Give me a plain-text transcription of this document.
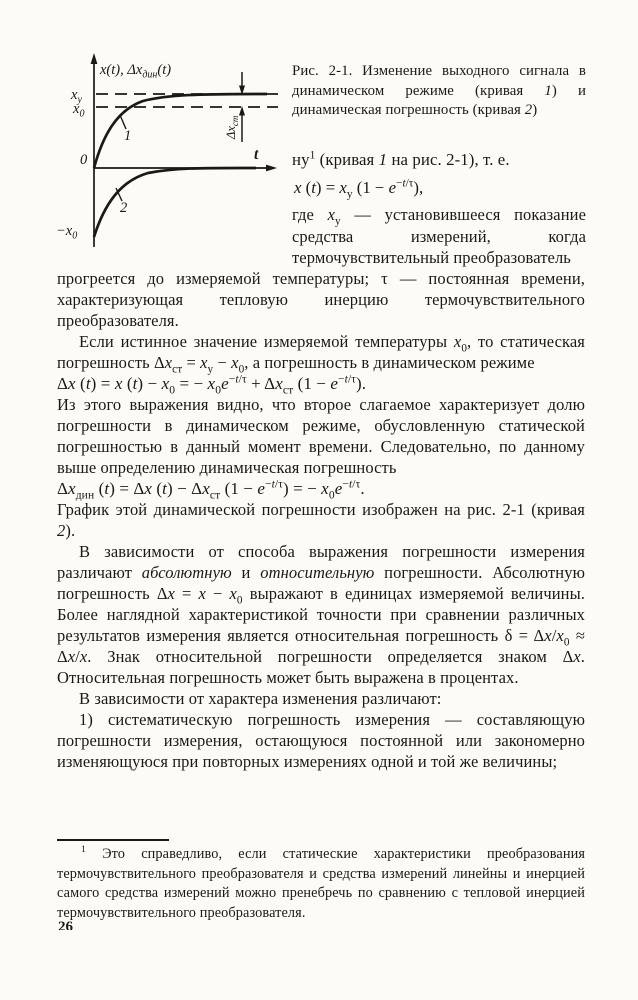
x(t), $\Delta x_{дин}(t)$
$x_у$
$x_0$
0
$-x_0$
t
1
2
$\Delta x_{ст}$
Рис. 2-1. Изменение выходного сигнала в динамическом режиме (кривая 1) и динамическая погрешность (кривая 2)
$ну^1$ (кривая 1 на рис. 2-1), т. е.
x $(t) = x_у$ $(1 - e^{-t/\tau})$,
где $x_у$ — установившееся показание средства измерений, когда термочувствительный преобразователь

прогреется до измеряемой температуры; τ — постоянная времени, характеризующая тепловую инерцию термочувствительного преобразователя.

Если истинное значение измеряемой температуры $x_0$, то статическая погрешность $\Delta x_{ст} = x_у - x_0$, а погрешность в динамическом режиме

Δx (t) = x $(t) - x_0$ = − $x_0e^{-t/\tau} + \Delta x_{ст}$ $(1 - e^{-t/\tau})$.

Из этого выражения видно, что второе слагаемое характеризует долю погрешности в динамическом режиме, обусловленную статической погрешностью в данный момент времени. Следовательно, по данному выше определению динамическая погрешность

$\Delta x_{дин}$ (t) = Δx $(t) - \Delta x_{ст}$ $(1 - e^{-t/\tau})$ = − $x_0e^{-t/\tau}$.

График этой динамической погрешности изображен на рис. 2-1 (кривая 2).

В зависимости от способа выражения погрешности измерения различают абсолютную и относительную погрешности. Абсолютную погрешность $\Delta x = x - x_0$ выражают в единицах измеряемой величины. Более наглядной характеристикой точности при сравнении различных результатов измерения является относительная погрешность $\delta = \Delta x/x_0 \approx \Delta x/x$. Знак относительной погрешности определяется знаком Δx. Относительная погрешность может быть выражена в процентах.

В зависимости от характера изменения различают:

1) систематическую погрешность измерения — составляющую погрешности измерения, остающуюся постоянной или закономерно изменяющуюся при повторных измерениях одной и той же величины;

$^1$ Это справедливо, если статические характеристики преобразования термочувствительного преобразователя и средства измерений линейны и инерцией самого средства измерений можно пренебречь по сравнению с тепловой инерцией термочувствительного преобразователя.
26
